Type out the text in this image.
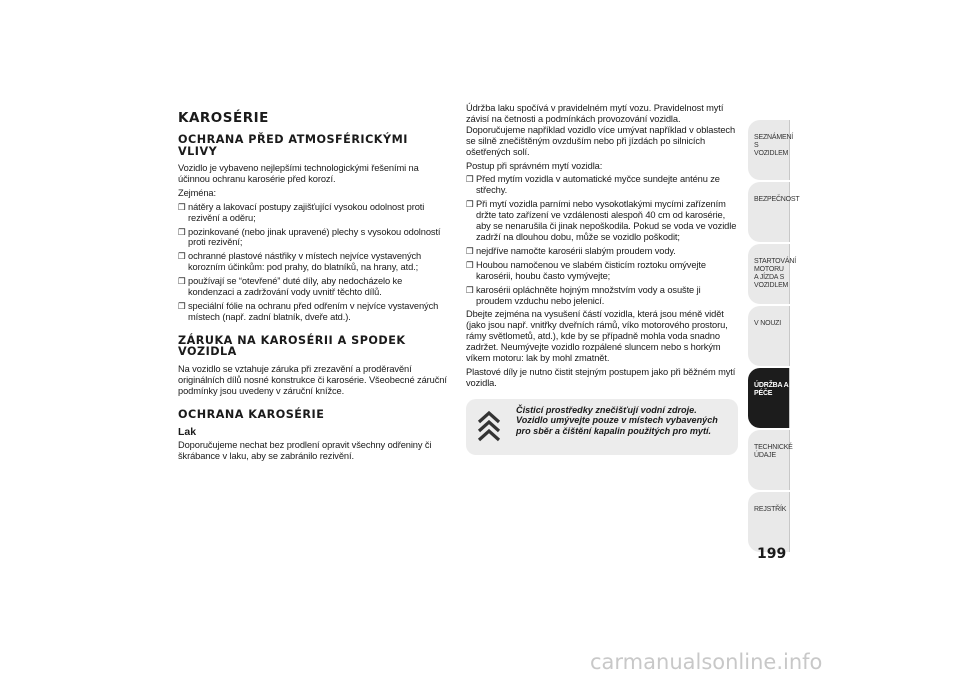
KAROSÉRIE
OCHRANA PŘED ATMOSFÉRICKÝMI VLIVY

Vozidlo je vybaveno nejlepšími technologickými řešeními na účinnou ochranu karosérie před korozí.

Zejména:

❒ nátěry a lakovací postupy zajišťující vysokou odolnost proti rezivění a oděru;
❒ pozinkované (nebo jinak upravené) plechy s vysokou odolností proti rezivění;
❒ ochranné plastové nástřiky v místech nejvíce vystavených korozním účinkům: pod prahy, do blatníků, na hrany, atd.;
❒ používají se “otevřené” duté díly, aby nedocházelo ke kondenzaci a zadržování vody uvnitř těchto dílů.
❒ speciální fólie na ochranu před odřením v nejvíce vystavených místech (např. zadní blatník, dveře atd.).
ZÁRUKA NA KAROSÉRII A SPODEK VOZIDLA

Na vozidlo se vztahuje záruka při zrezavění a proděravění originálních dílů nosné konstrukce či karosérie. Všeobecné záruční podmínky jsou uvedeny v záruční knížce.

OCHRANA KAROSÉRIE
Lak

Doporučujeme nechat bez prodlení opravit všechny odřeniny či škrábance v laku, aby se zabránilo rezivění.

Údržba laku spočívá v pravidelném mytí vozu. Pravidelnost mytí závisí na četnosti a podmínkách provozování vozidla. Doporučujeme například vozidlo více umývat například v oblastech se silně znečištěným ovzduším nebo při jízdách po silnicích ošetřených solí.

Postup při správném mytí vozidla:

❒ Před mytím vozidla v automatické myčce sundejte anténu ze střechy.
❒ Při mytí vozidla parními nebo vysokotlakými mycími zařízením držte tato zařízení ve vzdálenosti alespoň 40 cm od karosérie, aby se nenarušila či jinak nepoškodila. Pokud se voda ve vozidle zadrží na dlouhou dobu, může se vozidlo poškodit;
❒ nejdříve namočte karosérii slabým proudem vody.
❒ Houbou namočenou ve slabém čisticím roztoku omývejte karosérii, houbu často vymývejte;
❒ karosérii opláchněte hojným množstvím vody a osušte ji proudem vzduchu nebo jelenicí.

Dbejte zejména na vysušení částí vozidla, která jsou méně vidět (jako jsou např. vnitřky dveřních rámů, víko motorového prostoru, rámy světlometů, atd.), kde by se případně mohla voda snadno zadržet. Neumývejte vozidlo rozpálené sluncem nebo s horkým víkem motoru: lak by mohl zmatnět.

Plastové díly je nutno čistit stejným postupem jako při běžném mytí vozidla.

Čisticí prostředky znečišťují vodní zdroje. Vozidlo umývejte pouze v místech vybavených pro sběr a čištění kapalin použitých pro mytí.
SEZNÁMENÍ S VOZIDLEM
BEZPEČNOST
STARTOVÁNÍ MOTORU A JÍZDA S VOZIDLEM
V NOUZI
ÚDRŽBA A PÉČE
TECHNICKÉ ÚDAJE
REJSTŘÍK
199
carmanualsonline.info
